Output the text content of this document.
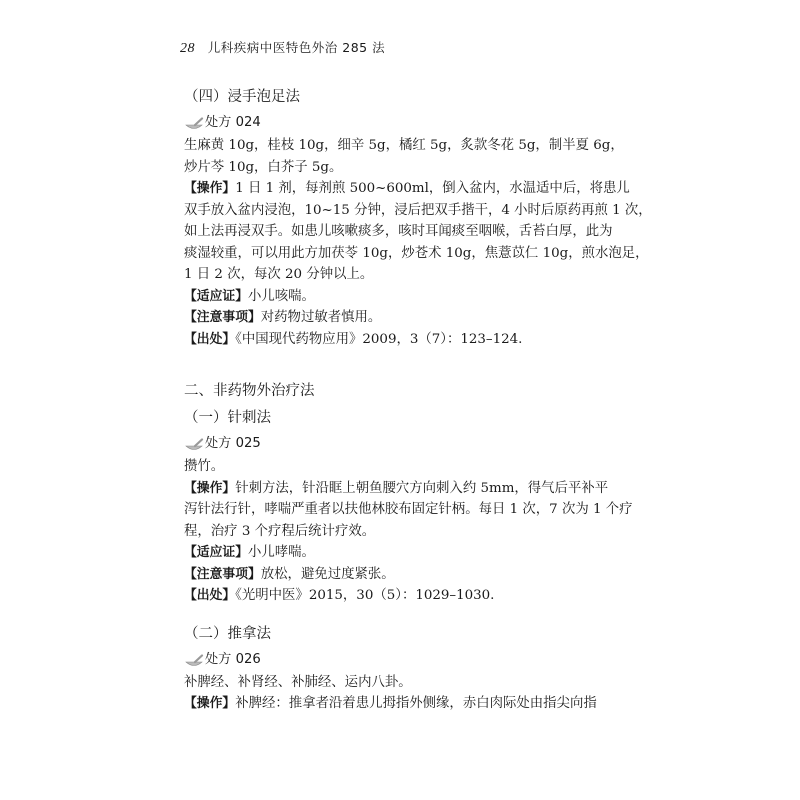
28 儿科疾病中医特色外治 285 法
（四）浸手泡足法
处方 024

生麻黄 10g，桂枝 10g，细辛 5g，橘红 5g，炙款冬花 5g，制半夏 6g，
炒片芩 10g，白芥子 5g。

【操作】1 日 1 剂，每剂煎 500~600ml，倒入盆内，水温适中后，将患儿
双手放入盆内浸泡，10~15 分钟，浸后把双手揩干，4 小时后原药再煎 1 次，
如上法再浸双手。如患儿咳嗽痰多，咳时耳闻痰至咽喉，舌苔白厚，此为
痰湿较重，可以用此方加茯苓 10g，炒苍术 10g，焦薏苡仁 10g，煎水泡足，
1 日 2 次，每次 20 分钟以上。

【适应证】小儿咳喘。

【注意事项】对药物过敏者慎用。

【出处】《中国现代药物应用》2009，3（7）：123–124.

二、非药物外治疗法
（一）针刺法
处方 025

攒竹。

【操作】针刺方法，针沿眶上朝鱼腰穴方向刺入约 5mm，得气后平补平
泻针法行针，哮喘严重者以扶他林胶布固定针柄。每日 1 次，7 次为 1 个疗
程，治疗 3 个疗程后统计疗效。

【适应证】小儿哮喘。

【注意事项】放松，避免过度紧张。

【出处】《光明中医》2015，30（5）：1029–1030.

（二）推拿法
处方 026

补脾经、补肾经、补肺经、运内八卦。

【操作】补脾经：推拿者沿着患儿拇指外侧缘，赤白肉际处由指尖向指
